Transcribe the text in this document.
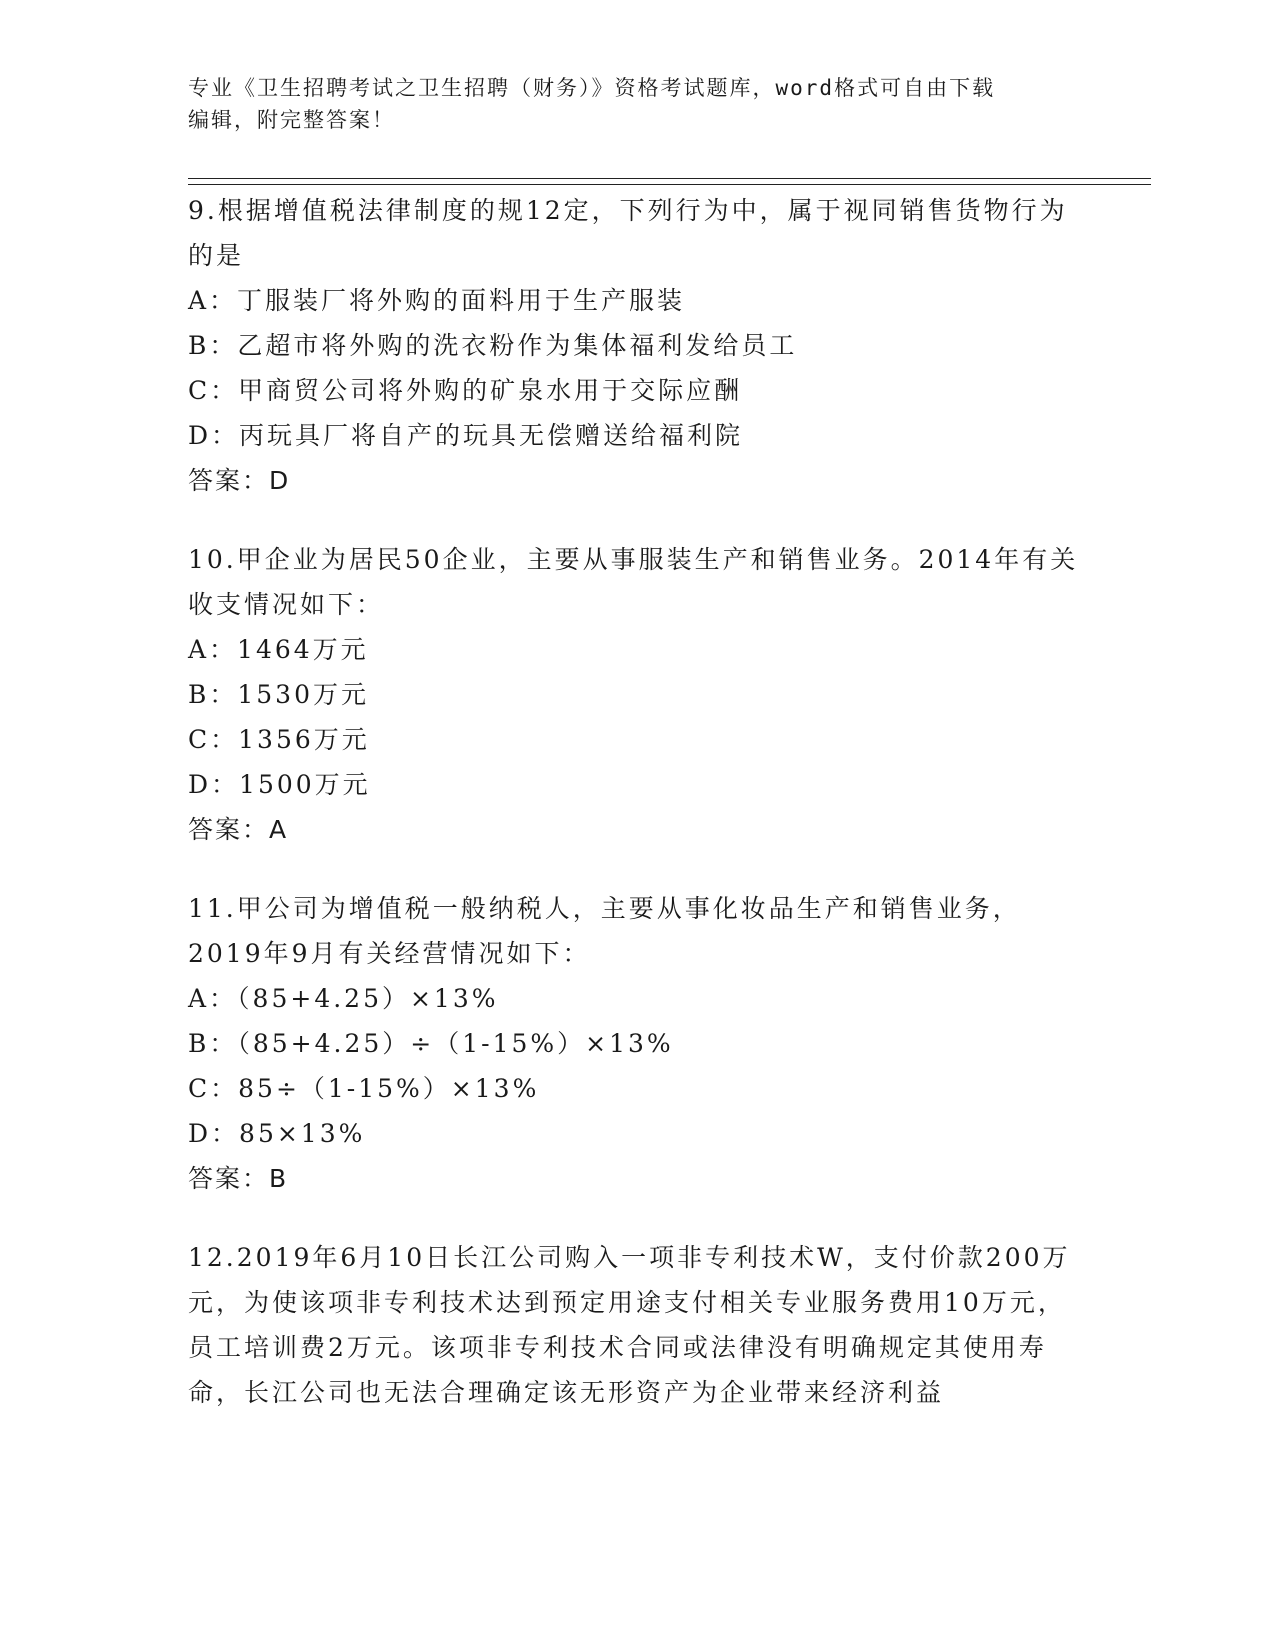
专业《卫生招聘考试之卫生招聘（财务）》资格考试题库，word格式可自由下载

编辑，附完整答案！

9.根据增值税法律制度的规12定，下列行为中，属于视同销售货物行为的是

A：丁服装厂将外购的面料用于生产服装
B：乙超市将外购的洗衣粉作为集体福利发给员工
C：甲商贸公司将外购的矿泉水用于交际应酬
D：丙玩具厂将自产的玩具无偿赠送给福利院

答案：D

10.甲企业为居民50企业，主要从事服装生产和销售业务。2014年有关收支情况如下：

A：1464万元
B：1530万元
C：1356万元
D：1500万元

答案：A

11.甲公司为增值税一般纳税人，主要从事化妆品生产和销售业务，2019年9月有关经营情况如下：

A：（85+4.25）×13%
B：（85+4.25）÷（1-15%）×13%
C：85÷（1-15%）×13%
D：85×13%

答案：B

12.2019年6月10日长江公司购入一项非专利技术W，支付价款200万元，为使该项非专利技术达到预定用途支付相关专业服务费用10万元，员工培训费2万元。该项非专利技术合同或法律没有明确规定其使用寿命，长江公司也无法合理确定该无形资产为企业带来经济利益
